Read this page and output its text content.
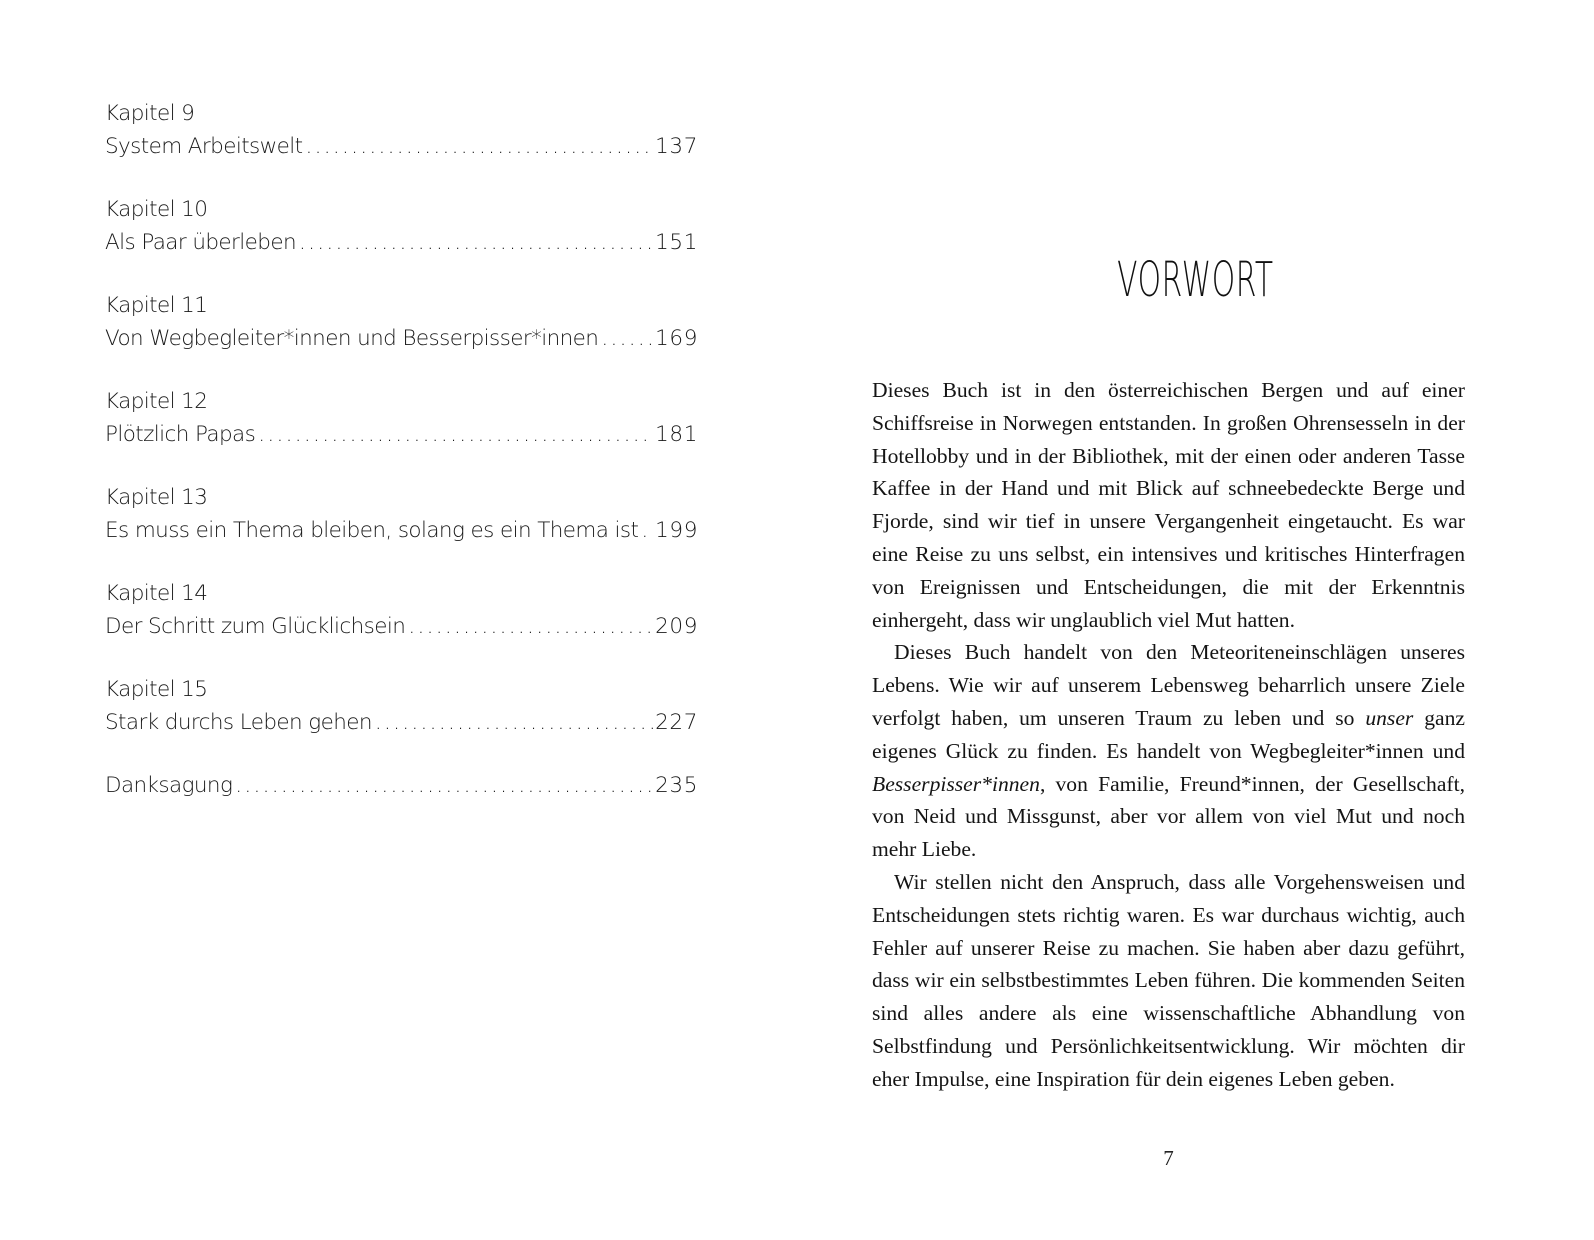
Kapitel 9
System Arbeitswelt .....	137
Kapitel 10
Als Paar überleben .....	151
Kapitel 11
Von Wegbegleiter*innen und Besserpisser*innen .....	169
Kapitel 12
Plötzlich Papas .....	181
Kapitel 13
Es muss ein Thema bleiben, solang es ein Thema ist ..... 199
Kapitel 14
Der Schritt zum Glücklichsein .....	209
Kapitel 15
Stark durchs Leben gehen .....	227
Danksagung .....	235
VORWORT

Dieses Buch ist in den österreichischen Bergen und auf einer Schiffsreise in Norwegen entstanden. In großen Ohrensesseln in der Hotellobby und in der Bibliothek, mit der einen oder anderen Tasse Kaffee in der Hand und mit Blick auf schneebedeckte Berge und Fjorde, sind wir tief in unsere Vergangenheit eingetaucht. Es war eine Reise zu uns selbst, ein intensives und kritisches Hinterfragen von Ereignissen und Entscheidungen, die mit der Erkenntnis einhergeht, dass wir unglaublich viel Mut hatten.

Dieses Buch handelt von den Meteoriteneinschlägen unseres Lebens. Wie wir auf unserem Lebensweg beharrlich unsere Ziele verfolgt haben, um unseren Traum zu leben und so unser ganz eigenes Glück zu finden. Es handelt von Wegbegleiter*innen und Besserpisser*innen, von Familie, Freund*innen, der Gesellschaft, von Neid und Missgunst, aber vor allem von viel Mut und noch mehr Liebe.

Wir stellen nicht den Anspruch, dass alle Vorgehensweisen und Entscheidungen stets richtig waren. Es war durchaus wichtig, auch Fehler auf unserer Reise zu machen. Sie haben aber dazu geführt, dass wir ein selbstbestimmtes Leben führen. Die kommenden Seiten sind alles andere als eine wissenschaftliche Abhandlung von Selbstfindung und Persönlichkeitsentwicklung. Wir möchten dir eher Impulse, eine Inspiration für dein eigenes Leben geben.

7
